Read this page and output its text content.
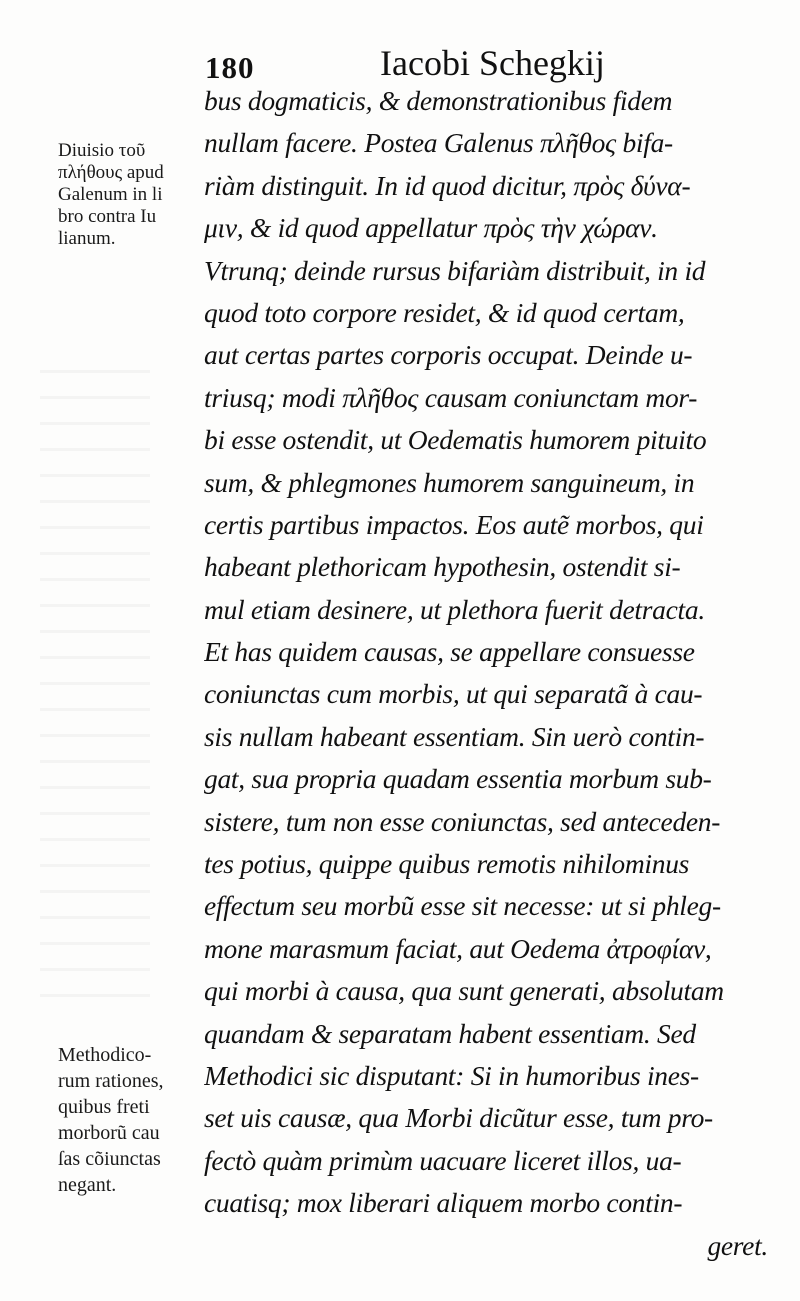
180	Iacobi Schegkij
Diuisio τοῦ
πλήθους apud
Galenum in li
bro contra Iu
lianum.
Methodico-
rum rationes,
quibus freti
morborũ cau
ſas cõiunctas
negant.
bus dogmaticis, & demonstrationibus fidem
nullam facere. Postea Galenus πλῆθος bifa-
riàm distinguit. In id quod dicitur, πρὸς δύνα-
μιν, & id quod appellatur πρὸς τὴν χώραν.
Vtrunq; deinde rursus bifariàm distribuit, in id
quod toto corpore residet, & id quod certam,
aut certas partes corporis occupat. Deinde u-
triusq; modi πλῆθος causam coniunctam mor-
bi esse ostendit, ut Oedematis humorem pituito
sum, & phlegmones humorem sanguineum, in
certis partibus impactos. Eos autẽ morbos, qui
habeant plethoricam hypothesin, ostendit si-
mul etiam desinere, ut plethora fuerit detracta.
Et has quidem causas, se appellare consuesse
coniunctas cum morbis, ut qui separatã à cau-
sis nullam habeant essentiam. Sin uerò contin-
gat, sua propria quadam essentia morbum sub-
sistere, tum non esse coniunctas, sed anteceden-
tes potius, quippe quibus remotis nihilominus
effectum seu morbũ esse sit necesse: ut si phleg-
mone marasmum faciat, aut Oedema ἀτροφίαν,
qui morbi à causa, qua sunt generati, absolutam
quandam & separatam habent essentiam. Sed
Methodici sic disputant: Si in humoribus ines-
set uis causæ, qua Morbi dicũtur esse, tum pro-
fectò quàm primùm uacuare liceret illos, ua-
cuatisq; mox liberari aliquem morbo contin-
geret.
